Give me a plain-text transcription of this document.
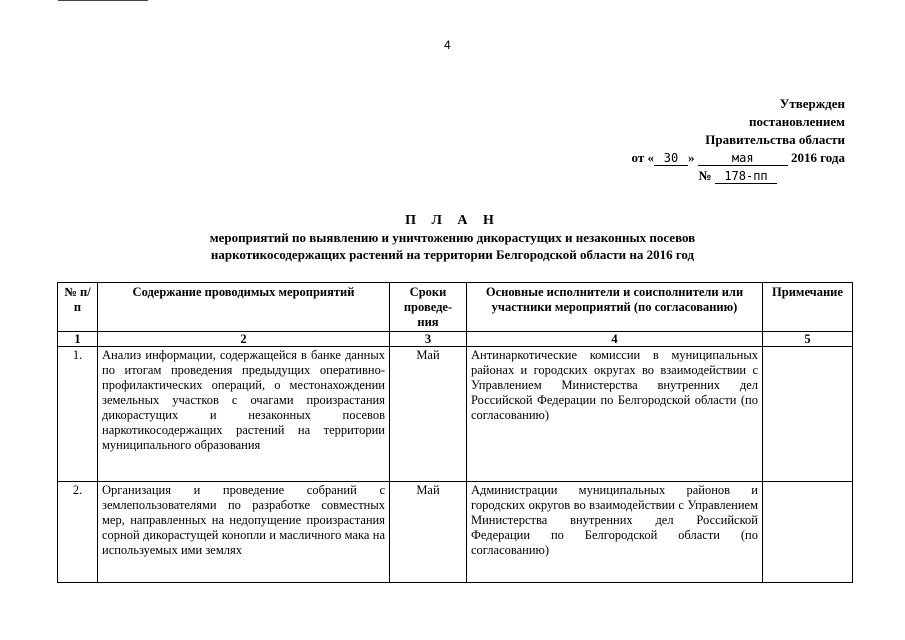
4
Утвержден
постановлением
Правительства области
от « 30 »	мая	2016 года
№ 178-пп
П Л А Н
мероприятий по выявлению и уничтожению дикорастущих и незаконных посевов
наркотикосодержащих растений на территории Белгородской области на 2016 год
№ п/п	Содержание проводимых мероприятий	Сроки проведе-ния	Основные исполнители и соисполнители или участники мероприятий (по согласованию)	Примечание
1	2	3	4	5
1.	Анализ информации, содержащейся в банке данных по итогам проведения предыдущих оперативно-профилактических операций, о местонахождении земельных участков с очагами произрастания дикорастущих и незаконных посевов наркотикосодержащих растений на территории муниципального образования	Май	Антинаркотические комиссии в муниципальных районах и городских округах во взаимодействии с Управлением Министерства внутренних дел Российской Федерации по Белгородской области (по согласованию)	
2.	Организация и проведение собраний с землепользователями по разработке совместных мер, направленных на недопущение произрастания сорной дикорастущей конопли и масличного мака на используемых ими землях	Май	Администрации муниципальных районов и городских округов во взаимодействии с Управлением Министерства внутренних дел Российской Федерации по Белгородской области (по согласованию)	
